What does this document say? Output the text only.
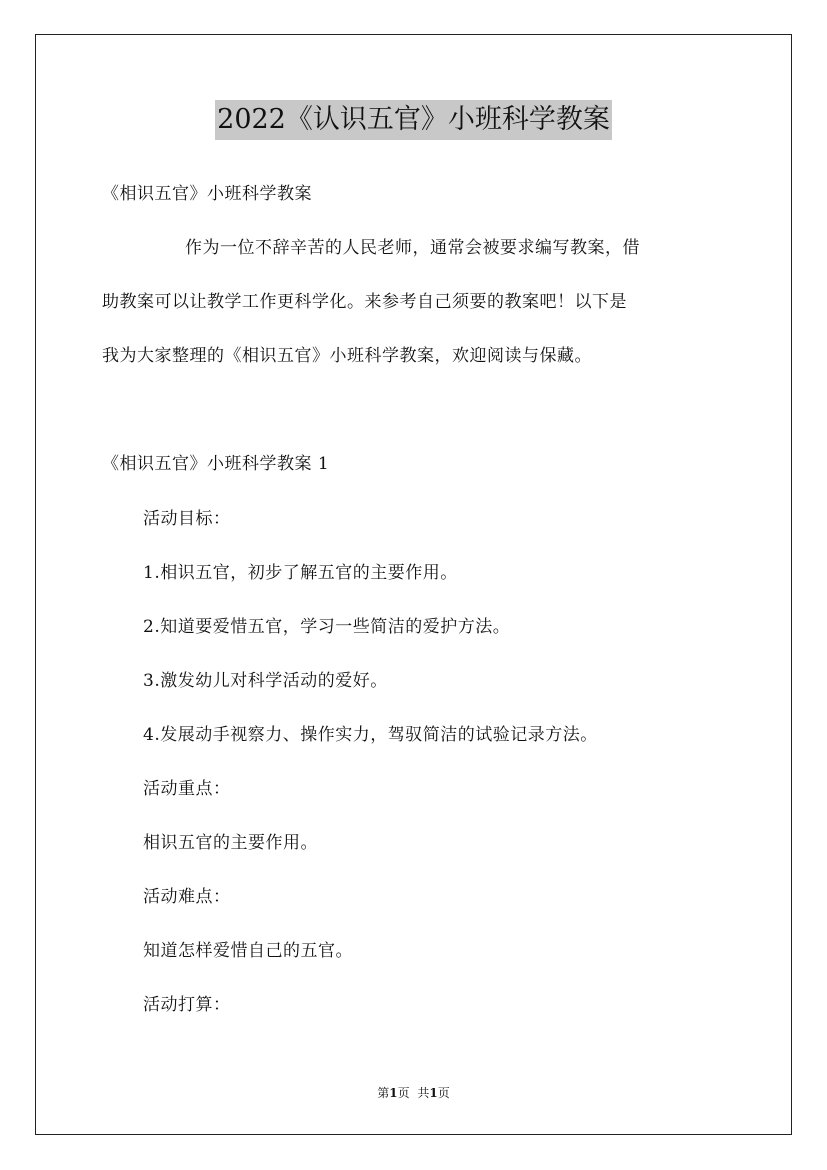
2022《认识五官》小班科学教案
《相识五官》小班科学教案
作为一位不辞辛苦的人民老师，通常会被要求编写教案，借
助教案可以让教学工作更科学化。来参考自己须要的教案吧！以下是
我为大家整理的《相识五官》小班科学教案，欢迎阅读与保藏。
《相识五官》小班科学教案 1
活动目标：
1.相识五官，初步了解五官的主要作用。
2.知道要爱惜五官，学习一些简洁的爱护方法。
3.激发幼儿对科学活动的爱好。
4.发展动手视察力、操作实力，驾驭简洁的试验记录方法。
活动重点：
相识五官的主要作用。
活动难点：
知道怎样爱惜自己的五官。
活动打算：
第1页 共1页
